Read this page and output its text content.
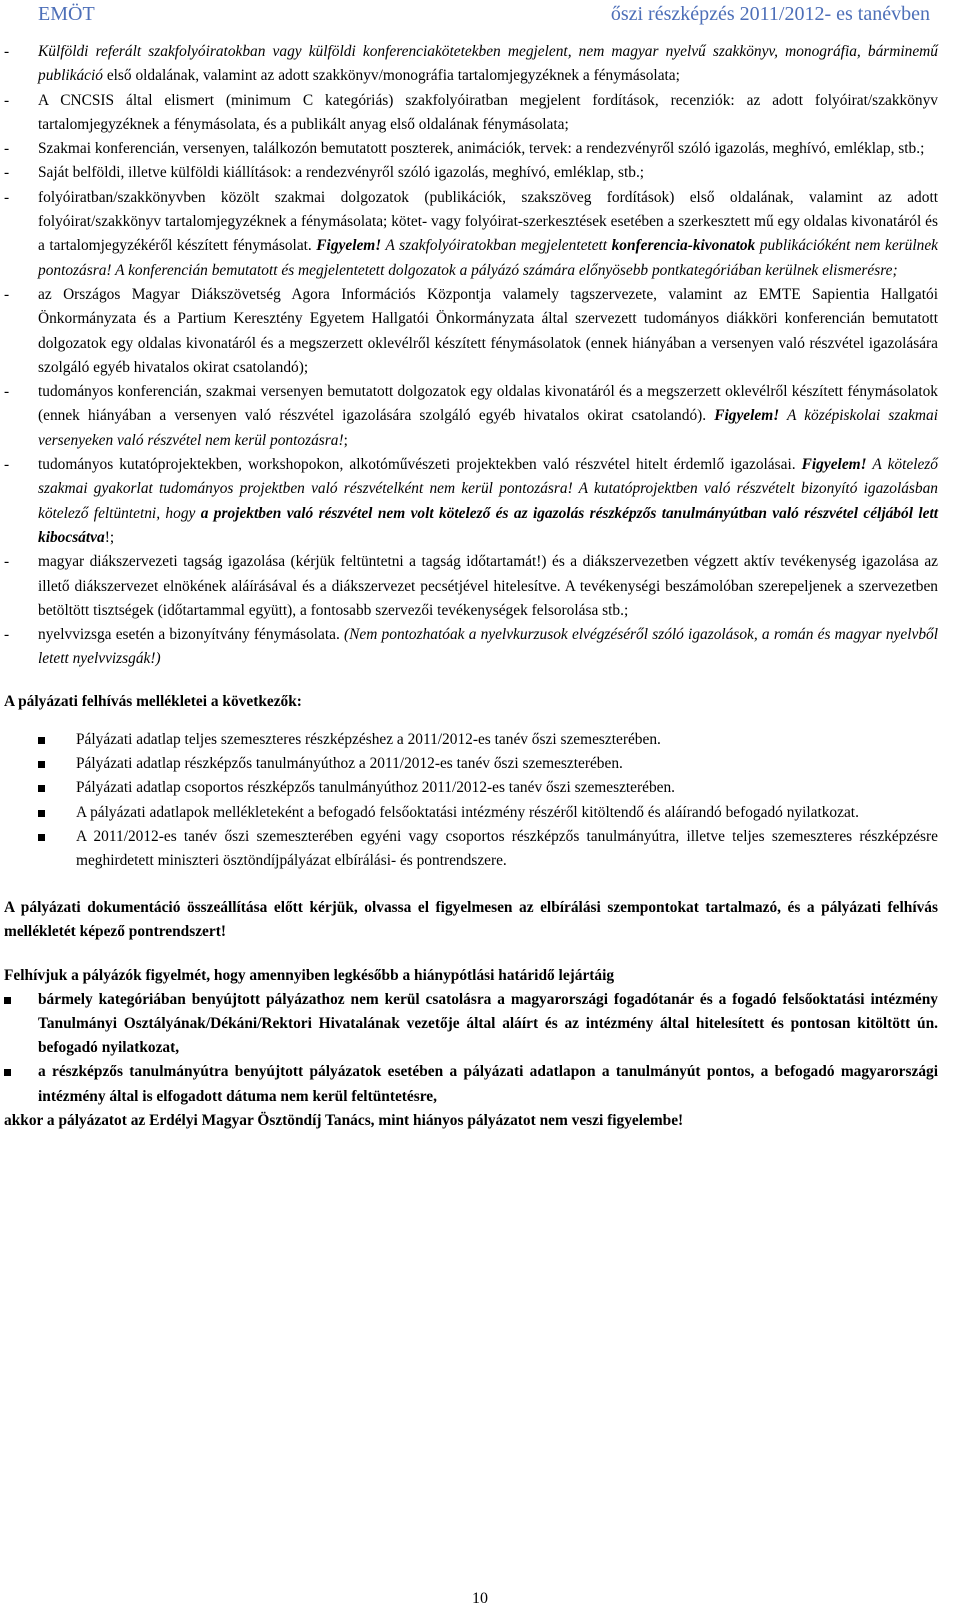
EMÖT	őszi részképzés 2011/2012- es tanévben
- Külföldi referált szakfolyóiratokban vagy külföldi konferenciakötetekben megjelent, nem magyar nyelvű szakkönyv, monográfia, bárminemű publikáció első oldalának, valamint az adott szakkönyv/monográfia tartalomjegyzéknek a fénymásolata;
- A CNCSIS által elismert (minimum C kategóriás) szakfolyóiratban megjelent fordítások, recenziók: az adott folyóirat/szakkönyv tartalomjegyzéknek a fénymásolata, és a publikált anyag első oldalának fénymásolata;
- Szakmai konferencián, versenyen, találkozón bemutatott poszterek, animációk, tervek: a rendezvényről szóló igazolás, meghívó, emléklap, stb.;
- Saját belföldi, illetve külföldi kiállítások: a rendezvényről szóló igazolás, meghívó, emléklap, stb.;
- folyóiratban/szakkönyvben közölt szakmai dolgozatok (publikációk, szakszöveg fordítások) első oldalának, valamint az adott folyóirat/szakkönyv tartalomjegyzéknek a fénymásolata; kötet- vagy folyóirat-szerkesztések esetében a szerkesztett mű egy oldalas kivonatáról és a tartalomjegyzékéről készített fénymásolat. Figyelem! A szakfolyóiratokban megjelentetett konferencia-kivonatok publikációként nem kerülnek pontozásra! A konferencián bemutatott és megjelentetett dolgozatok a pályázó számára előnyösebb pontkategóriában kerülnek elismerésre;
- az Országos Magyar Diákszövetség Agora Információs Központja valamely tagszervezete, valamint az EMTE Sapientia Hallgatói Önkormányzata és a Partium Keresztény Egyetem Hallgatói Önkormányzata által szervezett tudományos diákköri konferencián bemutatott dolgozatok egy oldalas kivonatáról és a megszerzett oklevélről készített fénymásolatok (ennek hiányában a versenyen való részvétel igazolására szolgáló egyéb hivatalos okirat csatolandó);
- tudományos konferencián, szakmai versenyen bemutatott dolgozatok egy oldalas kivonatáról és a megszerzett oklevélről készített fénymásolatok (ennek hiányában a versenyen való részvétel igazolására szolgáló egyéb hivatalos okirat csatolandó). Figyelem! A középiskolai szakmai versenyeken való részvétel nem kerül pontozásra!;
- tudományos kutatóprojektekben, workshopokon, alkotóművészeti projektekben való részvétel hitelt érdemlő igazolásai. Figyelem! A kötelező szakmai gyakorlat tudományos projektben való részvételként nem kerül pontozásra! A kutatóprojektben való részvételt bizonyító igazolásban kötelező feltüntetni, hogy a projektben való részvétel nem volt kötelező és az igazolás részképzős tanulmányútban való részvétel céljából lett kibocsátva!;
- magyar diákszervezeti tagság igazolása (kérjük feltüntetni a tagság időtartamát!) és a diákszervezetben végzett aktív tevékenység igazolása az illető diákszervezet elnökének aláírásával és a diákszervezet pecsétjével hitelesítve. A tevékenységi beszámolóban szerepeljenek a szervezetben betöltött tisztségek (időtartammal együtt), a fontosabb szervezői tevékenységek felsorolása stb.;
- nyelvvizsga esetén a bizonyítvány fénymásolata. (Nem pontozhatóak a nyelvkurzusok elvégzéséről szóló igazolások, a román és magyar nyelvből letett nyelvvizsgák!)
A pályázati felhívás mellékletei a következők:
Pályázati adatlap teljes szemeszteres részképzéshez a 2011/2012-es tanév őszi szemeszterében.
Pályázati adatlap részképzős tanulmányúthoz a 2011/2012-es tanév őszi szemeszterében.
Pályázati adatlap csoportos részképzős tanulmányúthoz 2011/2012-es tanév őszi szemeszterében.
A pályázati adatlapok mellékleteként a befogadó felsőoktatási intézmény részéről kitöltendő és aláírandó befogadó nyilatkozat.
A 2011/2012-es tanév őszi szemeszterében egyéni vagy csoportos részképzős tanulmányútra, illetve teljes szemeszteres részképzésre meghirdetett miniszteri ösztöndíjpályázat elbírálási- és pontrendszere.
A pályázati dokumentáció összeállítása előtt kérjük, olvassa el figyelmesen az elbírálási szempontokat tartalmazó, és a pályázati felhívás mellékletét képező pontrendszert!
Felhívjuk a pályázók figyelmét, hogy amennyiben legkésőbb a hiánypótlási határidő lejártáig
bármely kategóriában benyújtott pályázathoz nem kerül csatolásra a magyarországi fogadótanár és a fogadó felsőoktatási intézmény Tanulmányi Osztályának/Dékáni/Rektori Hivatalának vezetője által aláírt és az intézmény által hitelesített és pontosan kitöltött ún. befogadó nyilatkozat,
a részképzős tanulmányútra benyújtott pályázatok esetében a pályázati adatlapon a tanulmányút pontos, a befogadó magyarországi intézmény által is elfogadott dátuma nem kerül feltüntetésre,
akkor a pályázatot az Erdélyi Magyar Ösztöndíj Tanács, mint hiányos pályázatot nem veszi figyelembe!
10
